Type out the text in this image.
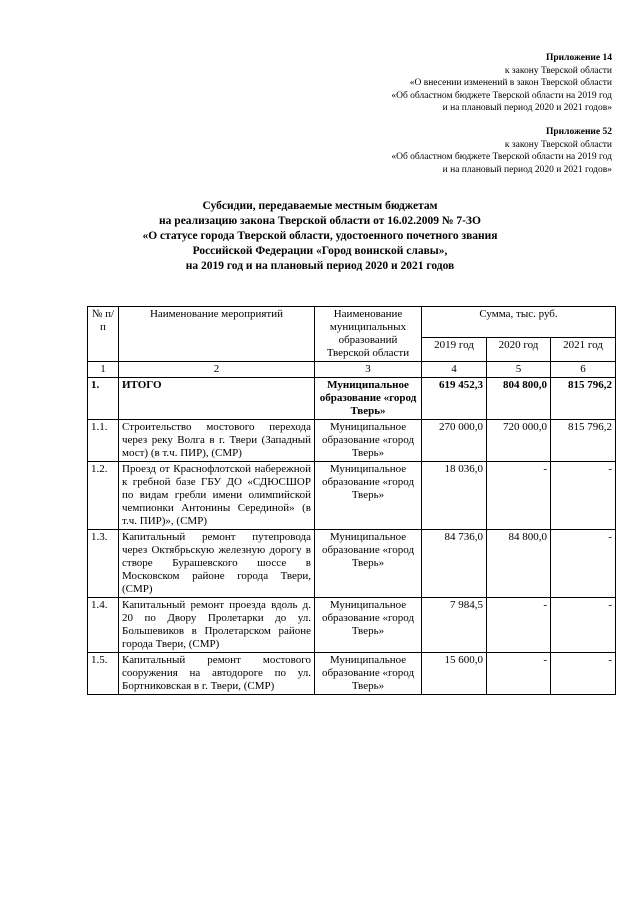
Приложение 14
к закону Тверской области
«О внесении изменений в закон Тверской области
«Об областном бюджете Тверской области на 2019 год
и на плановый период 2020 и 2021 годов»
Приложение 52
к закону Тверской области
«Об областном бюджете Тверской области на 2019 год
и на плановый период 2020 и 2021 годов»
Субсидии, передаваемые местным бюджетам
на реализацию закона Тверской области от 16.02.2009 № 7-ЗО
«О статусе города Тверской области, удостоенного почетного звания
Российской Федерации «Город воинской славы»,
на 2019 год и на плановый период 2020 и 2021 годов
№ п/п	Наименование мероприятий	Наименование муниципальных образований Тверской области	Сумма, тыс. руб.		
			2019 год	2020 год	2021 год
1	2	3	4	5	6
1.	ИТОГО	Муниципальное образование «город Тверь»	619 452,3	804 800,0	815 796,2
1.1.	Строительство мостового перехода через реку Волга в г. Твери (Западный мост) (в т.ч. ПИР), (СМР)	Муниципальное образование «город Тверь»	270 000,0	720 000,0	815 796,2
1.2.	Проезд от Краснофлотской набережной к гребной базе ГБУ ДО «СДЮСШОР по видам гребли имени олимпийской чемпионки Антонины Серединой» (в т.ч. ПИР)», (СМР)	Муниципальное образование «город Тверь»	18 036,0	-	-
1.3.	Капитальный ремонт путепровода через Октябрьскую железную дорогу в створе Бурашевского шоссе в Московском районе города Твери, (СМР)	Муниципальное образование «город Тверь»	84 736,0	84 800,0	-
1.4.	Капитальный ремонт проезда вдоль д. 20 по Двору Пролетарки до ул. Большевиков в Пролетарском районе города Твери, (СМР)	Муниципальное образование «город Тверь»	7 984,5	-	-
1.5.	Капитальный ремонт мостового сооружения на автодороге по ул. Бортниковская в г. Твери, (СМР)	Муниципальное образование «город Тверь»	15 600,0	-	-
